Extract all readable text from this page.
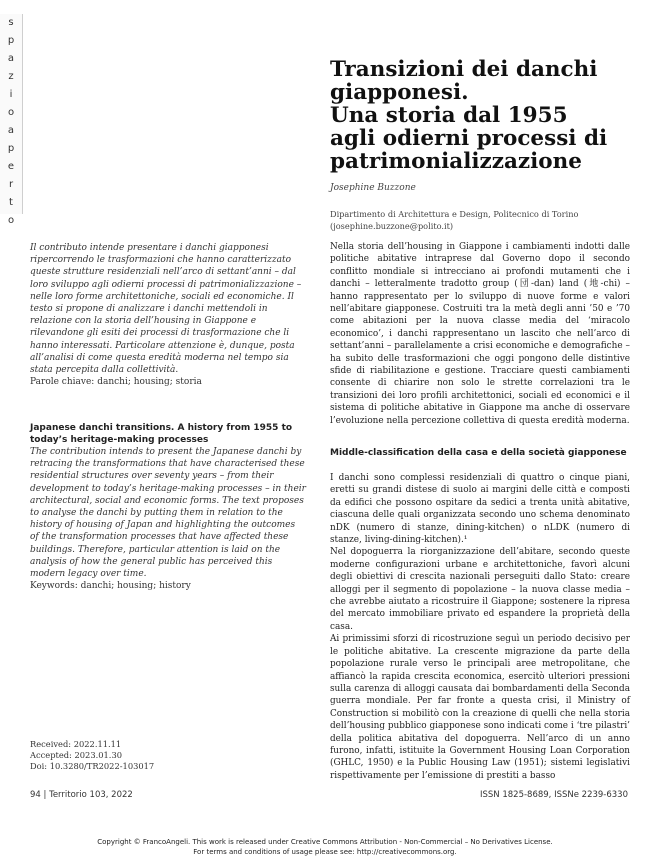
s
p
a
z
i
o
a
p
e
r
t
o
Transizioni dei danchi
giapponesi.
Una storia dal 1955
agli odierni processi di
patrimonializzazione
Josephine Buzzone
Dipartimento di Architettura e Design, Politecnico di Torino (josephine.buzzone@polito.it)
Il contributo intende presentare i danchi giapponesi ripercorrendo le trasformazioni che hanno caratterizzato queste strutture residenziali nell’arco di settant’anni – dal loro sviluppo agli odierni processi di patrimonializzazione – nelle loro forme architettoniche, sociali ed economiche. Il testo si propone di analizzare i danchi mettendoli in relazione con la storia dell’housing in Giappone e rilevandone gli esiti dei processi di trasformazione che li hanno interessati. Particolare attenzione è, dunque, posta all’analisi di come questa eredità moderna nel tempo sia stata percepita dalla collettività.
Parole chiave: danchi; housing; storia
Japanese danchi transitions. A history from 1955 to today’s heritage-making processes
The contribution intends to present the Japanese danchi by retracing the transformations that have characterised these residential structures over seventy years – from their development to today’s heritage-making processes – in their architectural, social and economic forms. The text proposes to analyse the danchi by putting them in relation to the history of housing of Japan and highlighting the outcomes of the transformation processes that have affected these buildings. Therefore, particular attention is laid on the analysis of how the general public has perceived this modern legacy over time.
Keywords: danchi; housing; history
Received: 2022.11.11
Accepted: 2023.01.30
Doi: 10.3280/TR2022-103017
Nella storia dell’housing in Giappone i cambiamenti indotti dalle politiche abitative intraprese dal Governo dopo il secondo conflitto mondiale si intrecciano ai profondi mutamenti che i danchi – letteralmente tradotto group (団-dan) land (地-chi) – hanno rappresentato per lo sviluppo di nuove forme e valori nell’abitare giapponese. Costruiti tra la metà degli anni ’50 e ’70 come abitazioni per la nuova classe media del ‘miracolo economico’, i danchi rappresentano un lascito che nell’arco di settant’anni – parallelamente a crisi economiche e demografiche – ha subito delle trasformazioni che oggi pongono delle distintive sfide di riabilitazione e gestione. Tracciare questi cambiamenti consente di chiarire non solo le strette correlazioni tra le transizioni dei loro profili architettonici, sociali ed economici e il sistema di politiche abitative in Giappone ma anche di osservare l’evoluzione nella percezione collettiva di questa eredità moderna.
Middle-classification della casa e della società giapponese

I danchi sono complessi residenziali di quattro o cinque piani, eretti su grandi distese di suolo ai margini delle città e composti da edifici che possono ospitare da sedici a trenta unità abitative, ciascuna delle quali organizzata secondo uno schema denominato nDK (numero di stanze, dining-kitchen) o nLDK (numero di stanze, living-dining-kitchen).¹

Nel dopoguerra la riorganizzazione dell’abitare, secondo queste moderne configurazioni urbane e architettoniche, favorì alcuni degli obiettivi di crescita nazionali perseguiti dallo Stato: creare alloggi per il segmento di popolazione – la nuova classe media – che avrebbe aiutato a ricostruire il Giappone; sostenere la ripresa del mercato immobiliare privato ed espandere la proprietà della casa.

Ai primissimi sforzi di ricostruzione seguì un periodo decisivo per le politiche abitative. La crescente migrazione da parte della popolazione rurale verso le principali aree metropolitane, che affiancò la rapida crescita economica, esercitò ulteriori pressioni sulla carenza di alloggi causata dai bombardamenti della Seconda guerra mondiale. Per far fronte a questa crisi, il Ministry of Construction si mobilitò con la creazione di quelli che nella storia dell’housing pubblico giapponese sono indicati come i ‘tre pilastri’ della politica abitativa del dopoguerra. Nell’arco di un anno furono, infatti, istituite la Government Housing Loan Corporation (GHLC, 1950) e la Public Housing Law (1951); sistemi legislativi rispettivamente per l’emissione di prestiti a basso

94 | Territorio 103, 2022	ISSN 1825-8689, ISSNe 2239-6330
Copyright © FrancoAngeli. This work is released under Creative Commons Attribution - Non-Commercial – No Derivatives License.
For terms and conditions of usage please see: http://creativecommons.org.
